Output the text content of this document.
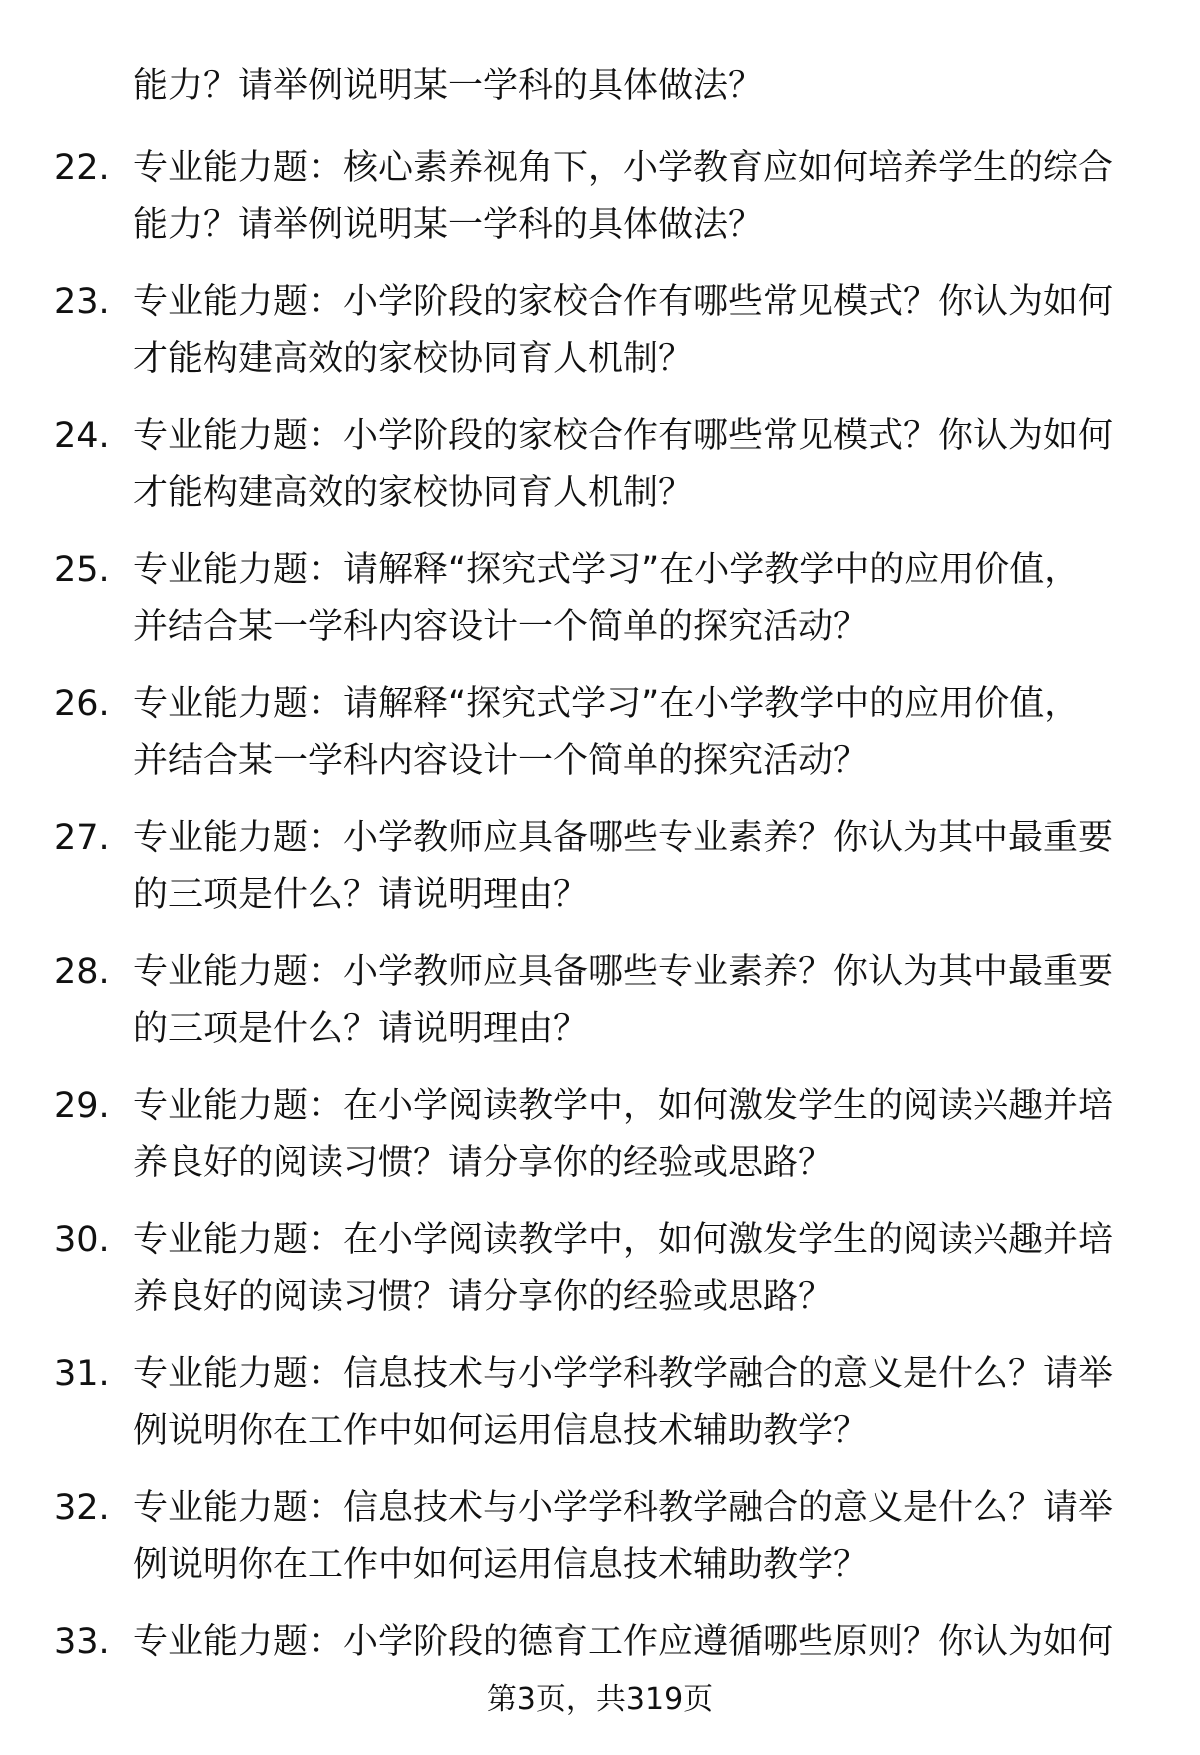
能力？请举例说明某一学科的具体做法？
22. 专业能力题：核心素养视角下，小学教育应如何培养学生的综合
能力？请举例说明某一学科的具体做法？
23. 专业能力题：小学阶段的家校合作有哪些常见模式？你认为如何
才能构建高效的家校协同育人机制？
24. 专业能力题：小学阶段的家校合作有哪些常见模式？你认为如何
才能构建高效的家校协同育人机制？
25. 专业能力题：请解释“探究式学习”在小学教学中的应用价值，
并结合某一学科内容设计一个简单的探究活动？
26. 专业能力题：请解释“探究式学习”在小学教学中的应用价值，
并结合某一学科内容设计一个简单的探究活动？
27. 专业能力题：小学教师应具备哪些专业素养？你认为其中最重要
的三项是什么？请说明理由？
28. 专业能力题：小学教师应具备哪些专业素养？你认为其中最重要
的三项是什么？请说明理由？
29. 专业能力题：在小学阅读教学中，如何激发学生的阅读兴趣并培
养良好的阅读习惯？请分享你的经验或思路？
30. 专业能力题：在小学阅读教学中，如何激发学生的阅读兴趣并培
养良好的阅读习惯？请分享你的经验或思路？
31. 专业能力题：信息技术与小学学科教学融合的意义是什么？请举
例说明你在工作中如何运用信息技术辅助教学？
32. 专业能力题：信息技术与小学学科教学融合的意义是什么？请举
例说明你在工作中如何运用信息技术辅助教学？
33. 专业能力题：小学阶段的德育工作应遵循哪些原则？你认为如何
第3页，共319页
